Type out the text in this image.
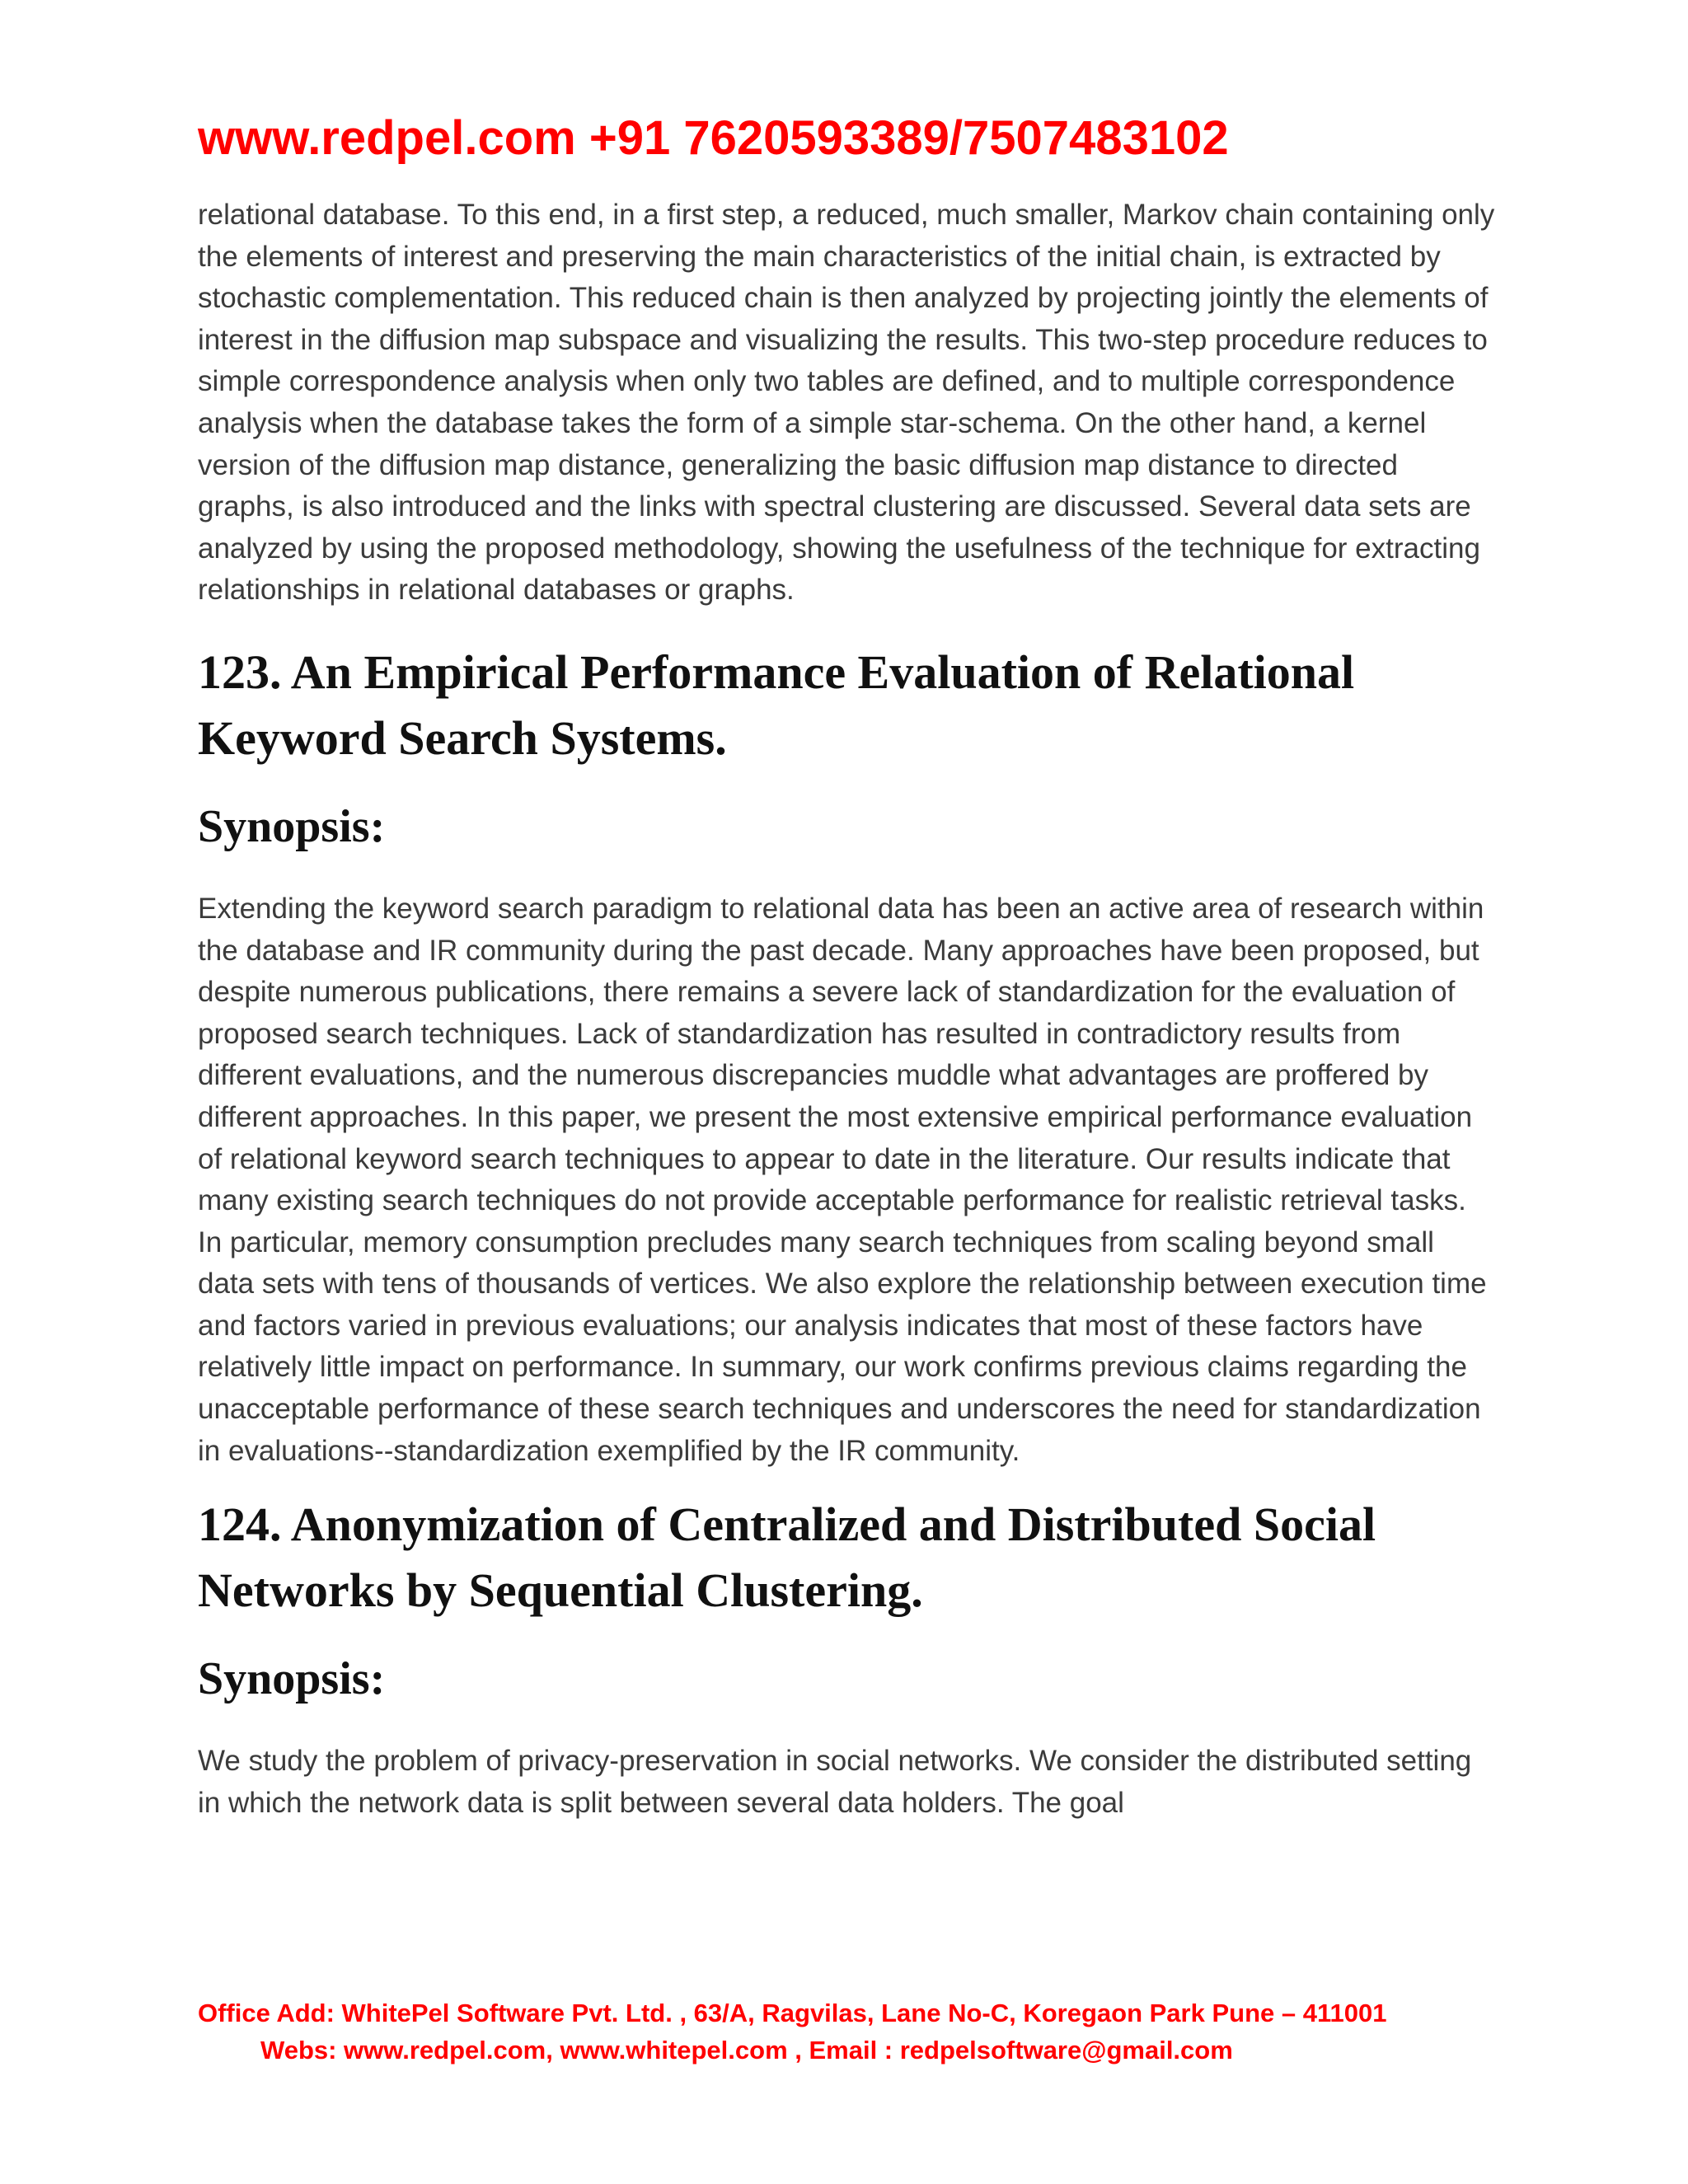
www.redpel.com +91 7620593389/7507483102

relational database. To this end, in a first step, a reduced, much smaller, Markov chain containing only the elements of interest and preserving the main characteristics of the initial chain, is extracted by stochastic complementation. This reduced chain is then analyzed by projecting jointly the elements of interest in the diffusion map subspace and visualizing the results. This two-step procedure reduces to simple correspondence analysis when only two tables are defined, and to multiple correspondence analysis when the database takes the form of a simple star-schema. On the other hand, a kernel version of the diffusion map distance, generalizing the basic diffusion map distance to directed graphs, is also introduced and the links with spectral clustering are discussed. Several data sets are analyzed by using the proposed methodology, showing the usefulness of the technique for extracting relationships in relational databases or graphs.

123. An Empirical Performance Evaluation of Relational Keyword Search Systems.
Synopsis:

Extending the keyword search paradigm to relational data has been an active area of research within the database and IR community during the past decade. Many approaches have been proposed, but despite numerous publications, there remains a severe lack of standardization for the evaluation of proposed search techniques. Lack of standardization has resulted in contradictory results from different evaluations, and the numerous discrepancies muddle what advantages are proffered by different approaches. In this paper, we present the most extensive empirical performance evaluation of relational keyword search techniques to appear to date in the literature. Our results indicate that many existing search techniques do not provide acceptable performance for realistic retrieval tasks. In particular, memory consumption precludes many search techniques from scaling beyond small data sets with tens of thousands of vertices. We also explore the relationship between execution time and factors varied in previous evaluations; our analysis indicates that most of these factors have relatively little impact on performance. In summary, our work confirms previous claims regarding the unacceptable performance of these search techniques and underscores the need for standardization in evaluations--standardization exemplified by the IR community.

124. Anonymization of Centralized and Distributed Social Networks by Sequential Clustering.
Synopsis:

We study the problem of privacy-preservation in social networks. We consider the distributed setting in which the network data is split between several data holders. The goal

Office Add: WhitePel Software Pvt. Ltd. , 63/A, Ragvilas, Lane No-C, Koregaon Park Pune – 411001
Webs: www.redpel.com, www.whitepel.com , Email : redpelsoftware@gmail.com
